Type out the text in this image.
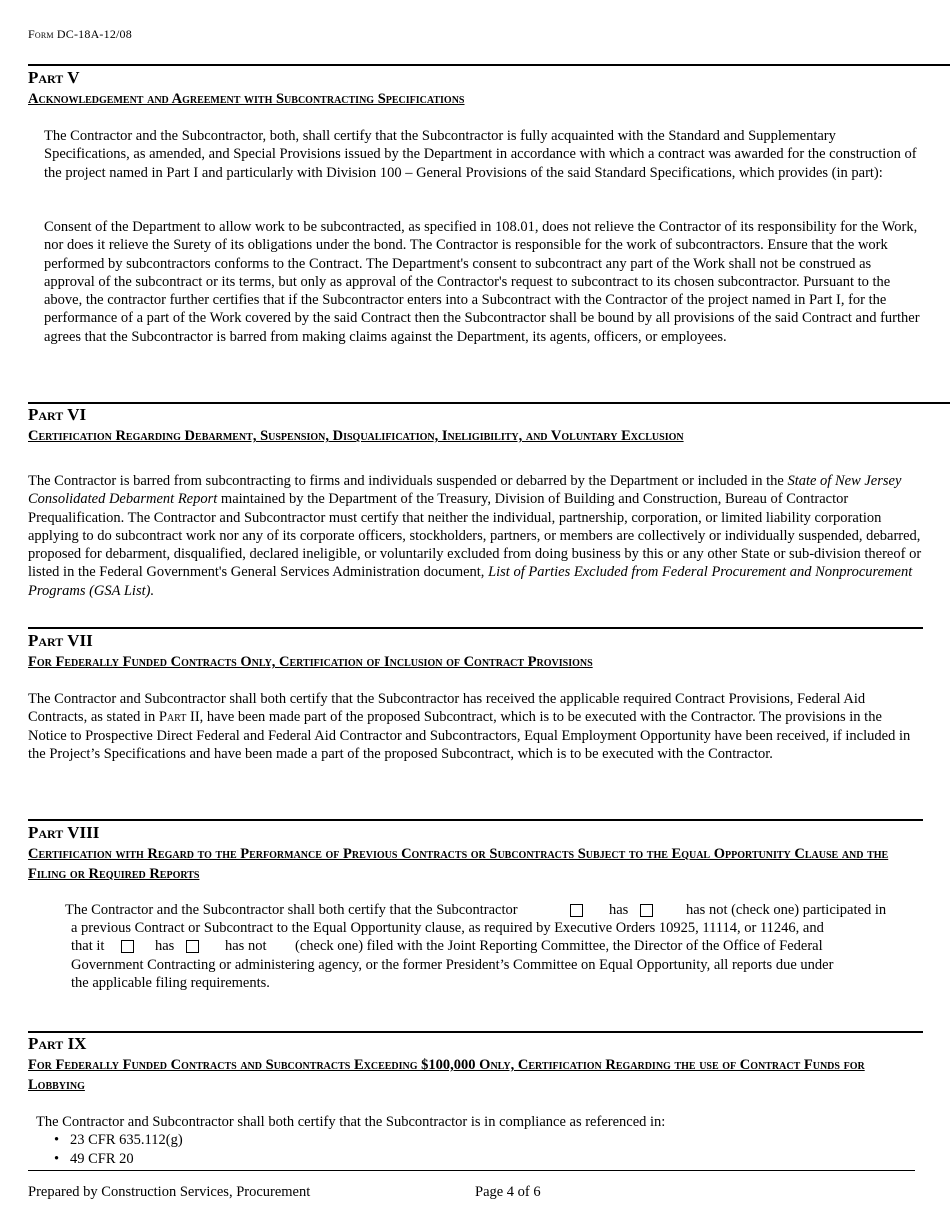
Form DC-18A-12/08
Part V
Acknowledgement and Agreement with Subcontracting Specifications
The Contractor and the Subcontractor, both, shall certify that the Subcontractor is fully acquainted with the Standard and Supplementary Specifications, as amended, and Special Provisions issued by the Department in accordance with which a contract was awarded for the construction of the project named in Part I and particularly with Division 100 – General Provisions of the said Standard Specifications, which provides (in part):
Consent of the Department to allow work to be subcontracted, as specified in 108.01, does not relieve the Contractor of its responsibility for the Work, nor does it relieve the Surety of its obligations under the bond. The Contractor is responsible for the work of subcontractors. Ensure that the work performed by subcontractors conforms to the Contract. The Department's consent to subcontract any part of the Work shall not be construed as approval of the subcontract or its terms, but only as approval of the Contractor's request to subcontract to its chosen subcontractor. Pursuant to the above, the contractor further certifies that if the Subcontractor enters into a Subcontract with the Contractor of the project named in Part I, for the performance of a part of the Work covered by the said Contract then the Subcontractor shall be bound by all provisions of the said Contract and further agrees that the Subcontractor is barred from making claims against the Department, its agents, officers, or employees.
Part VI
Certification Regarding Debarment, Suspension, Disqualification, Ineligibility, and Voluntary Exclusion
The Contractor is barred from subcontracting to firms and individuals suspended or debarred by the Department or included in the State of New Jersey Consolidated Debarment Report maintained by the Department of the Treasury, Division of Building and Construction, Bureau of Contractor Prequalification. The Contractor and Subcontractor must certify that neither the individual, partnership, corporation, or limited liability corporation applying to do subcontract work nor any of its corporate officers, stockholders, partners, or members are collectively or individually suspended, debarred, proposed for debarment, disqualified, declared ineligible, or voluntarily excluded from doing business by this or any other State or sub-division thereof or listed in the Federal Government's General Services Administration document, List of Parties Excluded from Federal Procurement and Nonprocurement Programs (GSA List).
Part VII
For Federally Funded Contracts Only, Certification of Inclusion of Contract Provisions
The Contractor and Subcontractor shall both certify that the Subcontractor has received the applicable required Contract Provisions, Federal Aid Contracts, as stated in Part II, have been made part of the proposed Subcontract, which is to be executed with the Contractor. The provisions in the Notice to Prospective Direct Federal and Federal Aid Contractor and Subcontractors, Equal Employment Opportunity have been received, if included in the Project’s Specifications and have been made a part of the proposed Subcontract, which is to be executed with the Contractor.
Part VIII
Certification with Regard to the Performance of Previous Contracts or Subcontracts Subject to the Equal Opportunity Clause and the Filing or Required Reports
The Contractor and the Subcontractor shall both certify that the Subcontractor	has	has not (check one) participated in
a previous Contract or Subcontract to the Equal Opportunity clause, as required by Executive Orders 10925, 11114, or 11246, and
that it	has	has not (check one) filed with the Joint Reporting Committee, the Director of the Office of Federal
Government Contracting or administering agency, or the former President’s Committee on Equal Opportunity, all reports due under
the applicable filing requirements.
Part IX
For Federally Funded Contracts and Subcontracts Exceeding $100,000 Only, Certification Regarding the use of Contract Funds for Lobbying
The Contractor and Subcontractor shall both certify that the Subcontractor is in compliance as referenced in:
• 23 CFR 635.112(g)
• 49 CFR 20
Prepared by Construction Services, Procurement	Page 4 of 6
